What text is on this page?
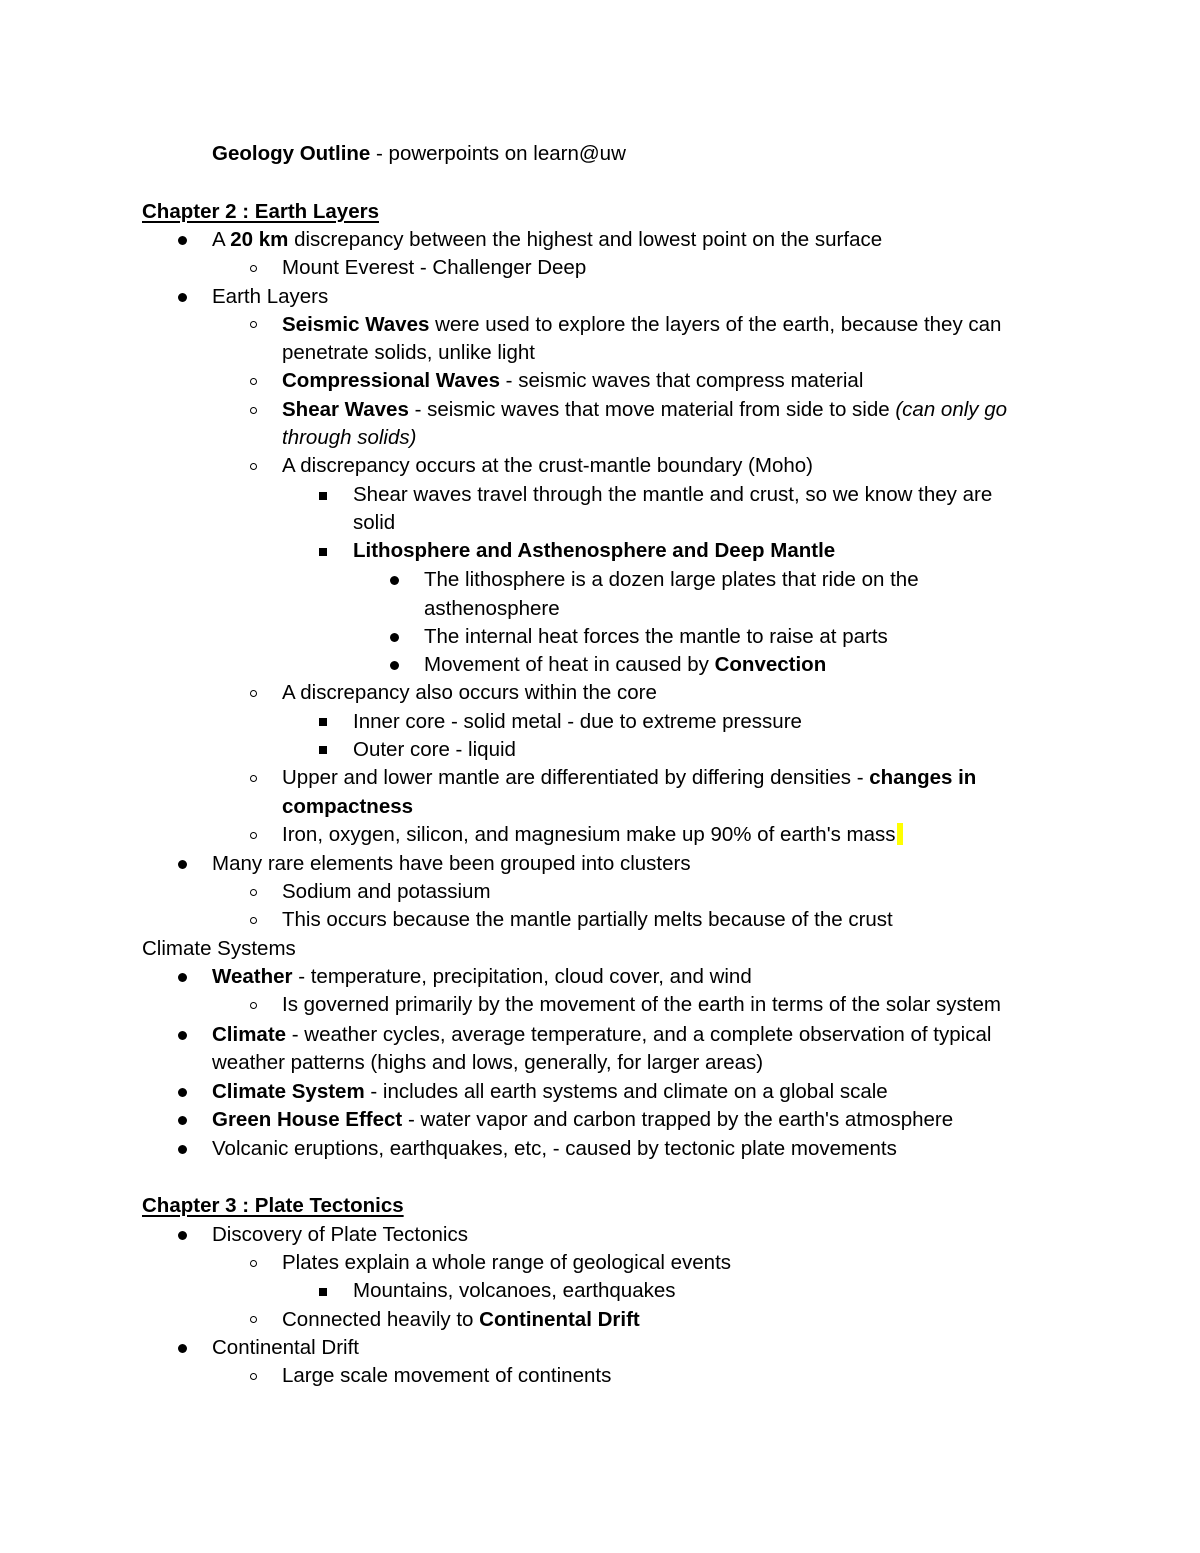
Geology Outline - powerpoints on learn@uw
Chapter 2 : Earth Layers
A 20 km discrepancy between the highest and lowest point on the surface
Mount Everest - Challenger Deep
Earth Layers
Seismic Waves were used to explore the layers of the earth, because they can
penetrate solids, unlike light
Compressional Waves - seismic waves that compress material
Shear Waves - seismic waves that move material from side to side (can only go
through solids)
A discrepancy occurs at the crust-mantle boundary (Moho)
Shear waves travel through the mantle and crust, so we know they are
solid
Lithosphere and Asthenosphere and Deep Mantle
The lithosphere is a dozen large plates that ride on the
asthenosphere
The internal heat forces the mantle to raise at parts
Movement of heat in caused by Convection
A discrepancy also occurs within the core
Inner core - solid metal - due to extreme pressure
Outer core - liquid
Upper and lower mantle are differentiated by differing densities - changes in
compactness
Iron, oxygen, silicon, and magnesium make up 90% of earth's mass
Many rare elements have been grouped into clusters
Sodium and potassium
This occurs because the mantle partially melts because of the crust
Climate Systems
Weather - temperature, precipitation, cloud cover, and wind
Is governed primarily by the movement of the earth in terms of the solar system
Climate - weather cycles, average temperature, and a complete observation of typical
weather patterns (highs and lows, generally, for larger areas)
Climate System - includes all earth systems and climate on a global scale
Green House Effect - water vapor and carbon trapped by the earth's atmosphere
Volcanic eruptions, earthquakes, etc, - caused by tectonic plate movements
Chapter 3 : Plate Tectonics
Discovery of Plate Tectonics
Plates explain a whole range of geological events
Mountains, volcanoes, earthquakes
Connected heavily to Continental Drift
Continental Drift
Large scale movement of continents
